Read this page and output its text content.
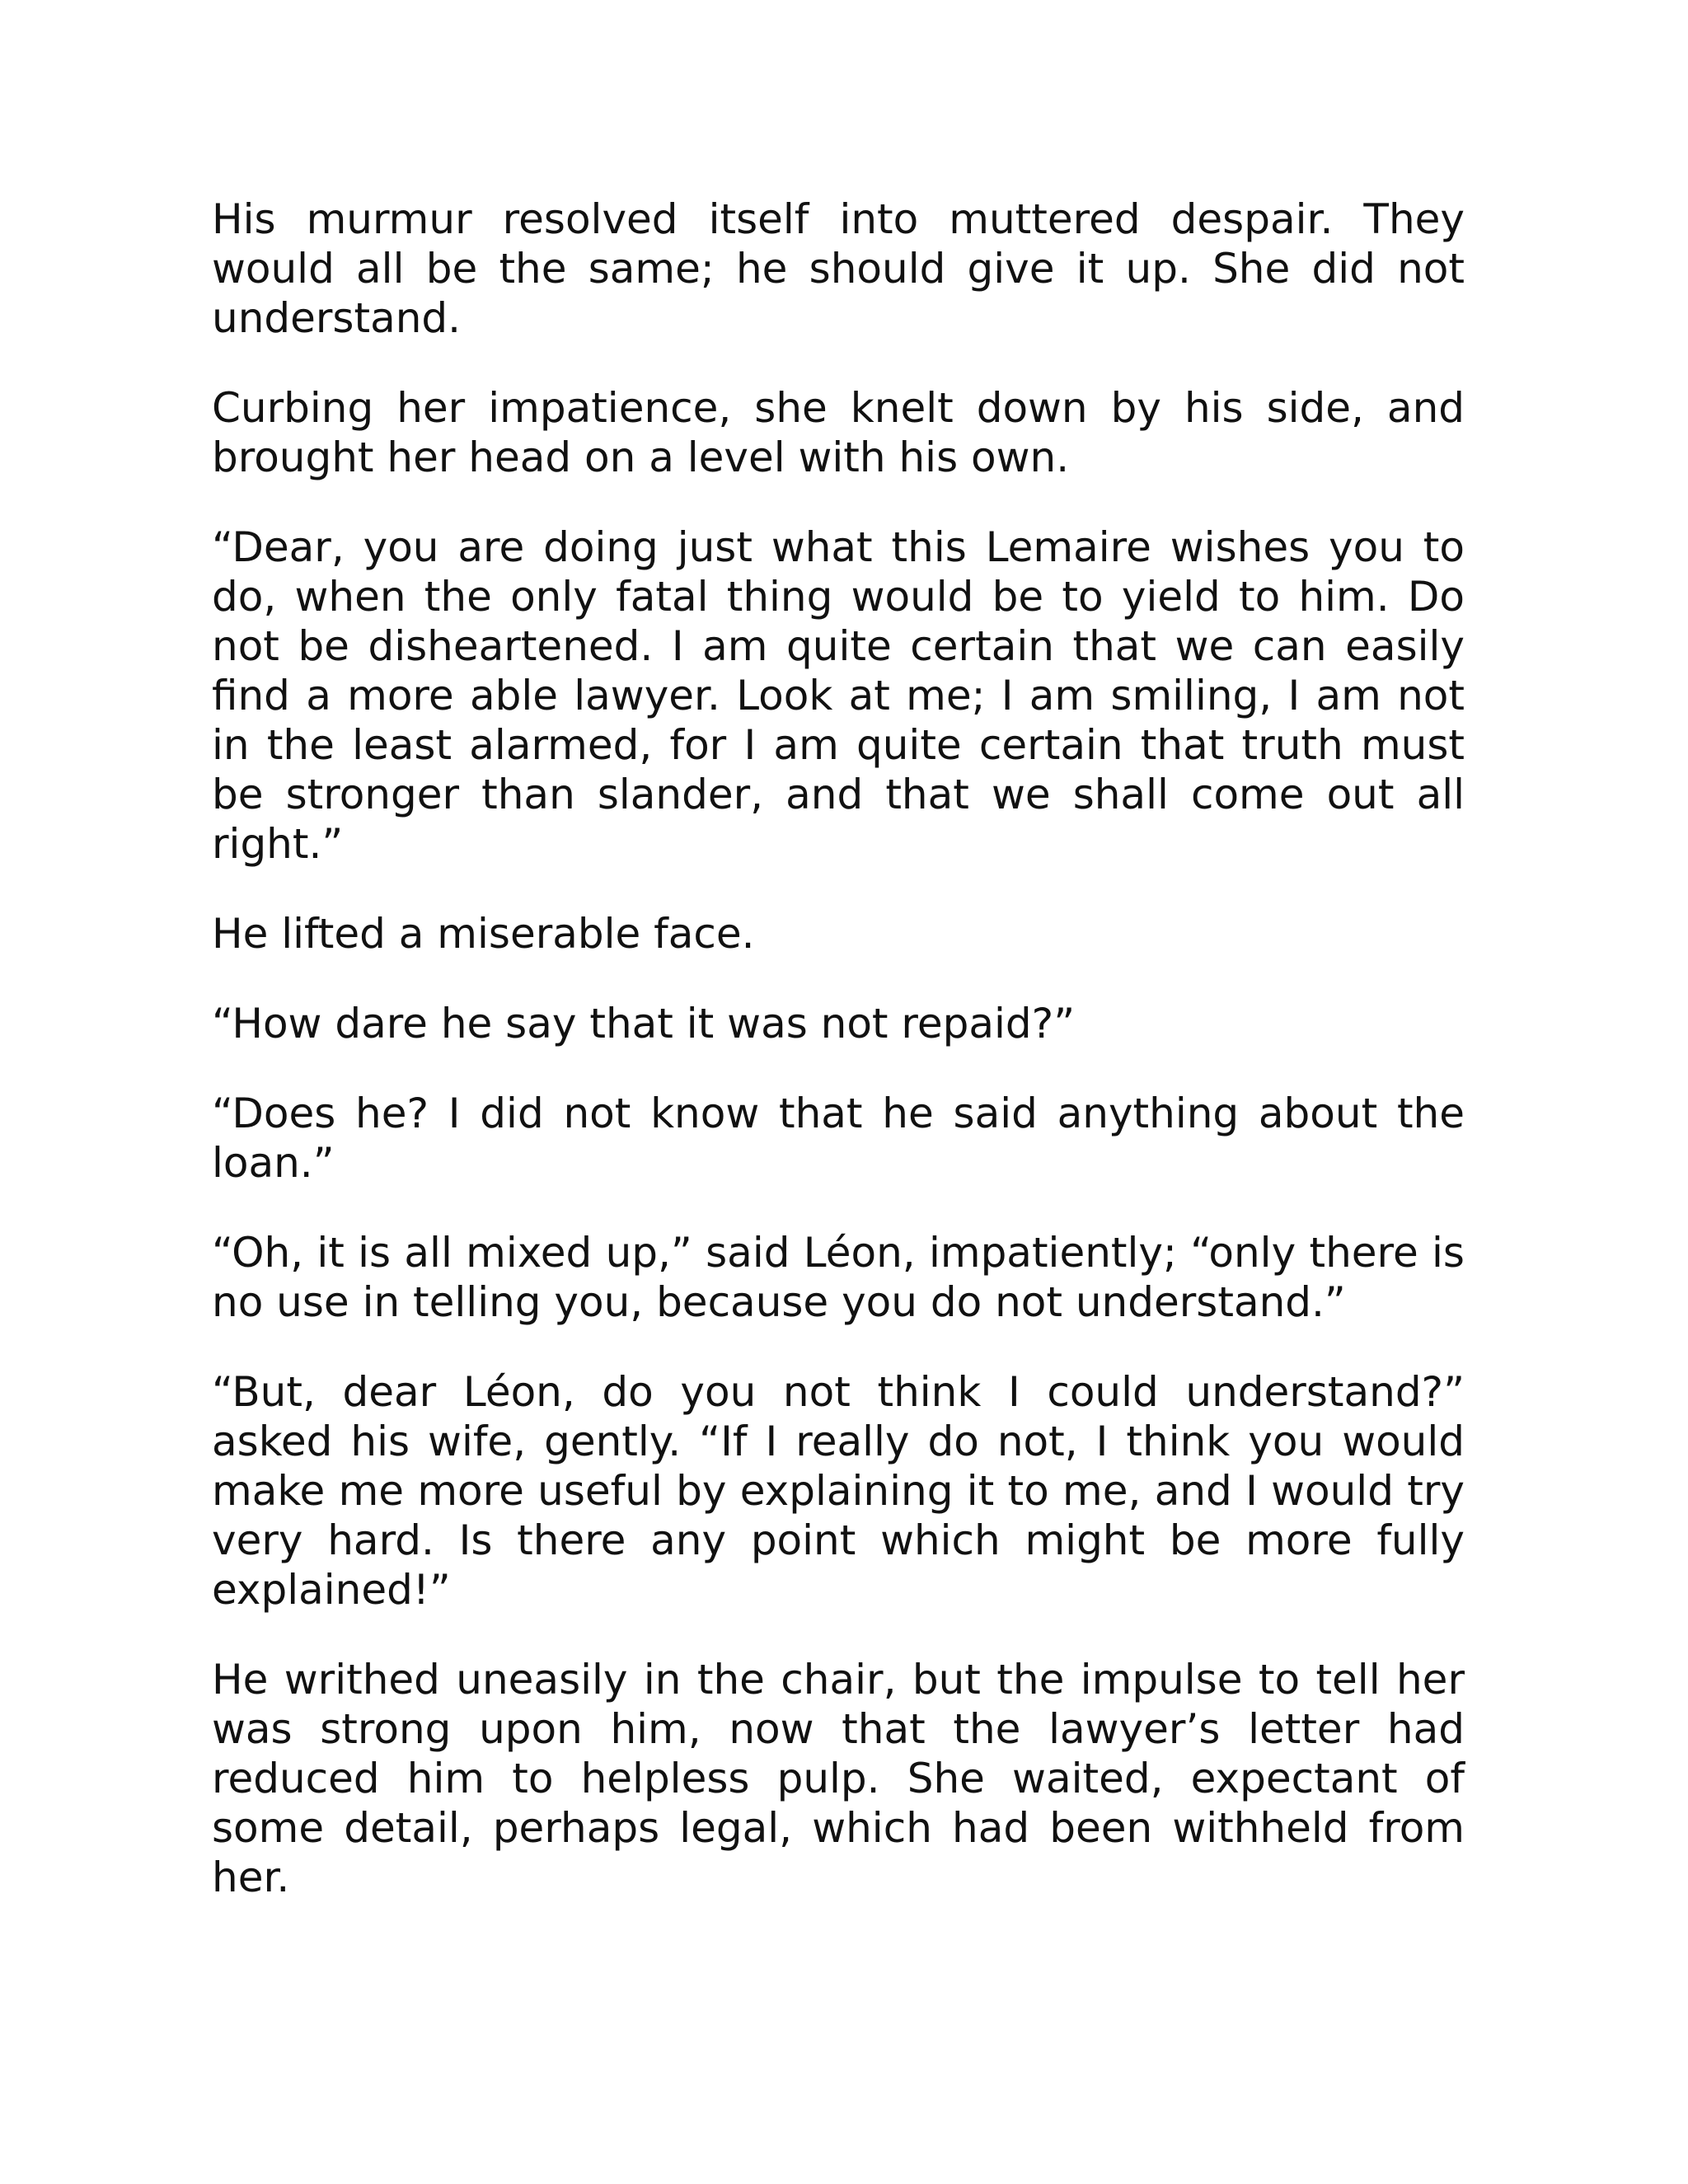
His murmur resolved itself into muttered despair. They would all be the same; he should give it up. She did not understand.

Curbing her impatience, she knelt down by his side, and brought her head on a level with his own.

“Dear, you are doing just what this Lemaire wishes you to do, when the only fatal thing would be to yield to him. Do not be disheartened. I am quite certain that we can easily find a more able lawyer. Look at me; I am smiling, I am not in the least alarmed, for I am quite certain that truth must be stronger than slander, and that we shall come out all right.”

He lifted a miserable face.

“How dare he say that it was not repaid?”

“Does he? I did not know that he said anything about the loan.”

“Oh, it is all mixed up,” said Léon, impatiently; “only there is no use in telling you, because you do not understand.”

“But, dear Léon, do you not think I could understand?” asked his wife, gently. “If I really do not, I think you would make me more useful by explaining it to me, and I would try very hard. Is there any point which might be more fully explained!”

He writhed uneasily in the chair, but the impulse to tell her was strong upon him, now that the lawyer’s letter had reduced him to helpless pulp. She waited, expectant of some detail, perhaps legal, which had been withheld from her.
